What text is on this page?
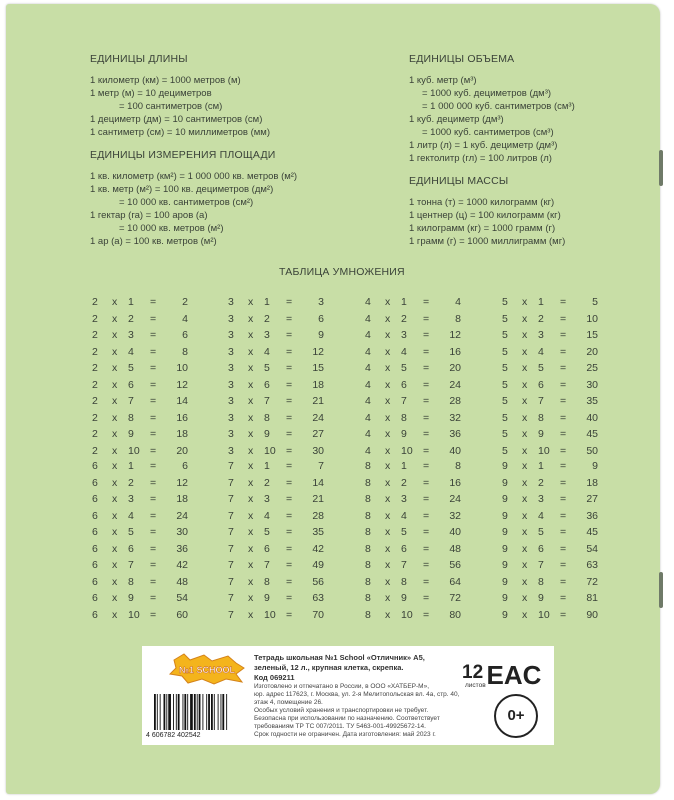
ЕДИНИЦЫ ДЛИНЫ
1 километр (км) = 1000 метров (м)
1 метр (м) = 10 дециметров
= 100 сантиметров (см)
1 дециметр (дм) = 10 сантиметров (см)
1 сантиметр (см) = 10 миллиметров (мм)
ЕДИНИЦЫ ИЗМЕРЕНИЯ ПЛОЩАДИ
1 кв. километр (км²) = 1 000 000 кв. метров (м²)
1 кв. метр (м²) = 100 кв. дециметров (дм²)
= 10 000 кв. сантиметров (см²)
1 гектар (га) = 100 аров (а)
= 10 000 кв. метров (м²)
1 ар (а) = 100 кв. метров (м²)
ЕДИНИЦЫ ОБЪЕМА
1 куб. метр (м³)
= 1000 куб. дециметров (дм³)
= 1 000 000 куб. сантиметров (см³)
1 куб. дециметр (дм³)
= 1000 куб. сантиметров (см³)
1 литр (л) = 1 куб. дециметр (дм³)
1 гектолитр (гл) = 100 литров (л)
ЕДИНИЦЫ МАССЫ
1 тонна (т) = 1000 килограмм (кг)
1 центнер (ц) = 100 килограмм (кг)
1 килограмм (кг) = 1000 грамм (г)
1 грамм (г) = 1000 миллиграмм (мг)
ТАБЛИЦА УМНОЖЕНИЯ
2 x 1 =	2
2 x 2 =	4
2 x 3 =	6
2 x 4 =	8
2 x 5 =	10
2 x 6 =	12
2 x 7 =	14
2 x 8 =	16
2 x 9 =	18
2 x 10 =	20
3 x 1 =	3
3 x 2 =	6
3 x 3 =	9
3 x 4 =	12
3 x 5 =	15
3 x 6 =	18
3 x 7 =	21
3 x 8 =	24
3 x 9 =	27
3 x 10 =	30
4 x 1 =	4
4 x 2 =	8
4 x 3 =	12
4 x 4 =	16
4 x 5 =	20
4 x 6 =	24
4 x 7 =	28
4 x 8 =	32
4 x 9 =	36
4 x 10 =	40
5 x 1 =	5
5 x 2 =	10
5 x 3 =	15
5 x 4 =	20
5 x 5 =	25
5 x 6 =	30
5 x 7 =	35
5 x 8 =	40
5 x 9 =	45
5 x 10 =	50
6 x 1 =	6
6 x 2 =	12
6 x 3 =	18
6 x 4 =	24
6 x 5 =	30
6 x 6 =	36
6 x 7 =	42
6 x 8 =	48
6 x 9 =	54
6 x 10 =	60
7 x 1 =	7
7 x 2 =	14
7 x 3 =	21
7 x 4 =	28
7 x 5 =	35
7 x 6 =	42
7 x 7 =	49
7 x 8 =	56
7 x 9 =	63
7 x 10 =	70
8 x 1 =	8
8 x 2 =	16
8 x 3 =	24
8 x 4 =	32
8 x 5 =	40
8 x 6 =	48
8 x 7 =	56
8 x 8 =	64
8 x 9 =	72
8 x 10 =	80
9 x 1 =	9
9 x 2 =	18
9 x 3 =	27
9 x 4 =	36
9 x 5 =	45
9 x 6 =	54
9 x 7 =	63
9 x 8 =	72
9 x 9 =	81
9 x 10 =	90
№1 SCHOOL
4 606782 402542
Тетрадь школьная №1 School «Отличник» А5,
зеленый, 12 л., крупная клетка, скрепка.
Код 069211
Изготовлено и отпечатано в России, в ООО «ХАТБЕР-М»,
юр. адрес 117623, г. Москва, ул. 2-я Мелитопольская вл. 4а, стр. 40,
этаж 4, помещение 26.
Особых условий хранения и транспортировки не требует.
Безопасна при использовании по назначению. Соответствует
требованиям ТР ТС 007/2011. ТУ 5463-001-49925672-14.
Срок годности не ограничен. Дата изготовления: май 2023 г.
12
листов EAC
0+
